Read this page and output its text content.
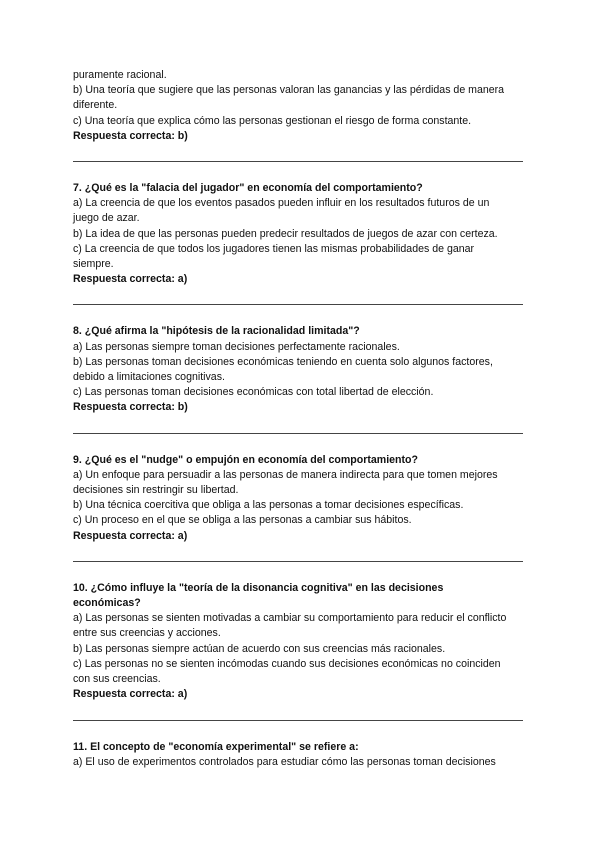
puramente racional.
b) Una teoría que sugiere que las personas valoran las ganancias y las pérdidas de manera
diferente.
c) Una teoría que explica cómo las personas gestionan el riesgo de forma constante.
Respuesta correcta: b)
7. ¿Qué es la "falacia del jugador" en economía del comportamiento?
a) La creencia de que los eventos pasados pueden influir en los resultados futuros de un
juego de azar.
b) La idea de que las personas pueden predecir resultados de juegos de azar con certeza.
c) La creencia de que todos los jugadores tienen las mismas probabilidades de ganar
siempre.
Respuesta correcta: a)
8. ¿Qué afirma la "hipótesis de la racionalidad limitada"?
a) Las personas siempre toman decisiones perfectamente racionales.
b) Las personas toman decisiones económicas teniendo en cuenta solo algunos factores,
debido a limitaciones cognitivas.
c) Las personas toman decisiones económicas con total libertad de elección.
Respuesta correcta: b)
9. ¿Qué es el "nudge" o empujón en economía del comportamiento?
a) Un enfoque para persuadir a las personas de manera indirecta para que tomen mejores
decisiones sin restringir su libertad.
b) Una técnica coercitiva que obliga a las personas a tomar decisiones específicas.
c) Un proceso en el que se obliga a las personas a cambiar sus hábitos.
Respuesta correcta: a)
10. ¿Cómo influye la "teoría de la disonancia cognitiva" en las decisiones
económicas?
a) Las personas se sienten motivadas a cambiar su comportamiento para reducir el conflicto
entre sus creencias y acciones.
b) Las personas siempre actúan de acuerdo con sus creencias más racionales.
c) Las personas no se sienten incómodas cuando sus decisiones económicas no coinciden
con sus creencias.
Respuesta correcta: a)
11. El concepto de "economía experimental" se refiere a:
a) El uso de experimentos controlados para estudiar cómo las personas toman decisiones
